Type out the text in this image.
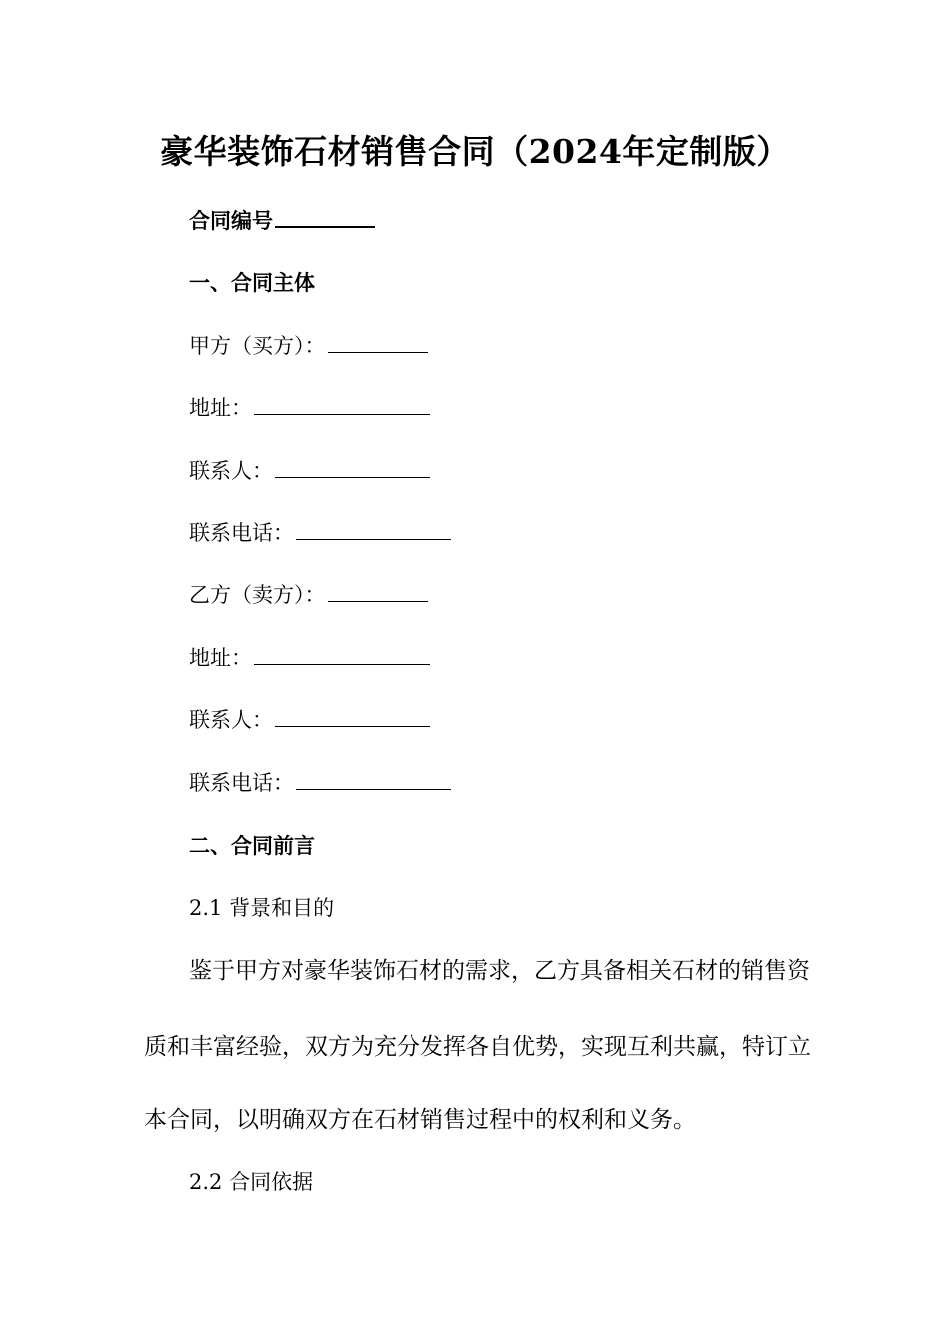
豪华装饰石材销售合同（2024年定制版）
合同编号
一、合同主体
甲方（买方）：
地址：
联系人：
联系电话：
乙方（卖方）：
地址：
联系人：
联系电话：
二、合同前言
2.1 背景和目的
鉴于甲方对豪华装饰石材的需求，乙方具备相关石材的销售资
质和丰富经验，双方为充分发挥各自优势，实现互利共赢，特订立
本合同，以明确双方在石材销售过程中的权利和义务。
2.2 合同依据
